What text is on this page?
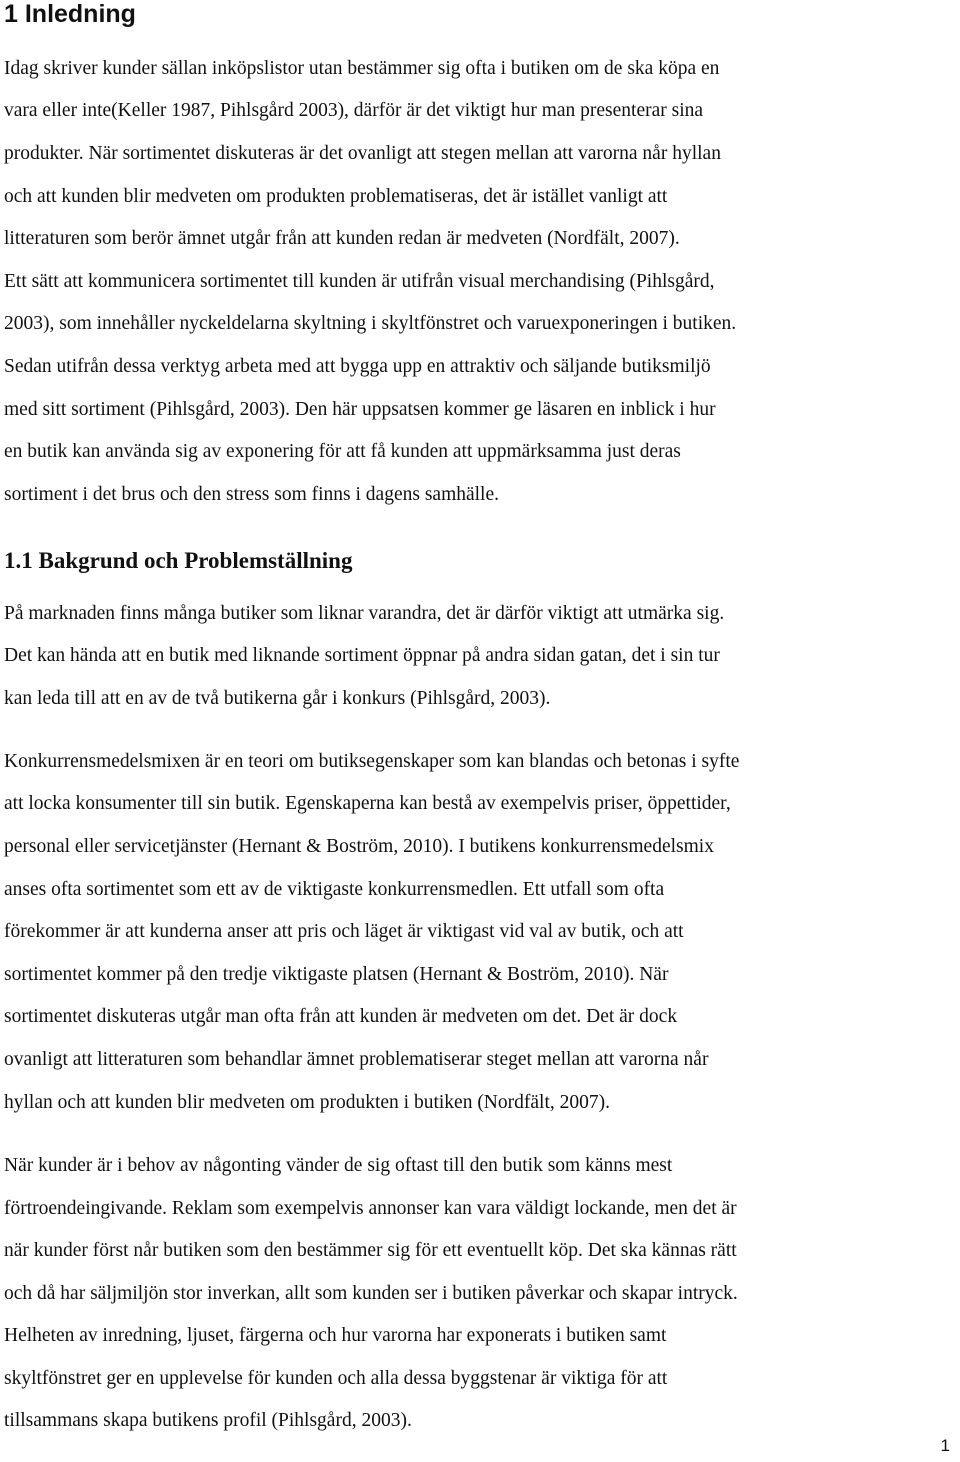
1 Inledning

Idag skriver kunder sällan inköpslistor utan bestämmer sig ofta i butiken om de ska köpa en

vara eller inte(Keller 1987, Pihlsgård 2003), därför är det viktigt hur man presenterar sina

produkter. När sortimentet diskuteras är det ovanligt att stegen mellan att varorna når hyllan

och att kunden blir medveten om produkten problematiseras, det är istället vanligt att

litteraturen som berör ämnet utgår från att kunden redan är medveten (Nordfält, 2007).

Ett sätt att kommunicera sortimentet till kunden är utifrån visual merchandising (Pihlsgård,

2003), som innehåller nyckeldelarna skyltning i skyltfönstret och varuexponeringen i butiken.

Sedan utifrån dessa verktyg arbeta med att bygga upp en attraktiv och säljande butiksmiljö

med sitt sortiment (Pihlsgård, 2003). Den här uppsatsen kommer ge läsaren en inblick i hur

en butik kan använda sig av exponering för att få kunden att uppmärksamma just deras

sortiment i det brus och den stress som finns i dagens samhälle.

1.1 Bakgrund och Problemställning

På marknaden finns många butiker som liknar varandra, det är därför viktigt att utmärka sig.

Det kan hända att en butik med liknande sortiment öppnar på andra sidan gatan, det i sin tur

kan leda till att en av de två butikerna går i konkurs (Pihlsgård, 2003).

Konkurrensmedelsmixen är en teori om butiksegenskaper som kan blandas och betonas i syfte

att locka konsumenter till sin butik. Egenskaperna kan bestå av exempelvis priser, öppettider,

personal eller servicetjänster (Hernant & Boström, 2010). I butikens konkurrensmedelsmix

anses ofta sortimentet som ett av de viktigaste konkurrensmedlen. Ett utfall som ofta

förekommer är att kunderna anser att pris och läget är viktigast vid val av butik, och att

sortimentet kommer på den tredje viktigaste platsen (Hernant & Boström, 2010). När

sortimentet diskuteras utgår man ofta från att kunden är medveten om det. Det är dock

ovanligt att litteraturen som behandlar ämnet problematiserar steget mellan att varorna når

hyllan och att kunden blir medveten om produkten i butiken (Nordfält, 2007).

När kunder är i behov av någonting vänder de sig oftast till den butik som känns mest

förtroendeingivande. Reklam som exempelvis annonser kan vara väldigt lockande, men det är

när kunder först når butiken som den bestämmer sig för ett eventuellt köp. Det ska kännas rätt

och då har säljmiljön stor inverkan, allt som kunden ser i butiken påverkar och skapar intryck.

Helheten av inredning, ljuset, färgerna och hur varorna har exponerats i butiken samt

skyltfönstret ger en upplevelse för kunden och alla dessa byggstenar är viktiga för att

tillsammans skapa butikens profil (Pihlsgård, 2003).

1
